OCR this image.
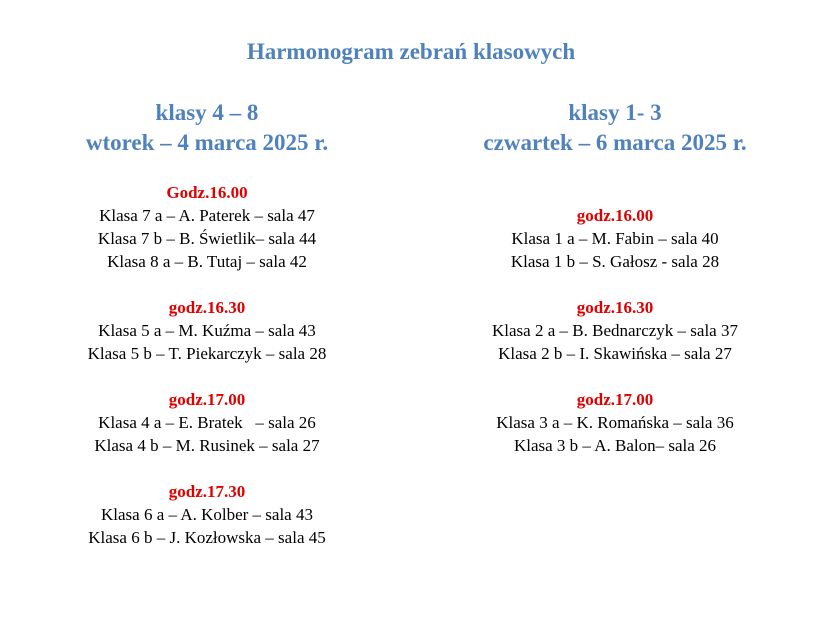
Harmonogram zebrań klasowych
klasy 4 – 8
wtorek – 4 marca 2025 r.
Godz.16.00
Klasa 7 a – A. Paterek – sala 47
Klasa 7 b – B. Świetlik– sala 44
Klasa 8 a – B. Tutaj – sala 42
godz.16.30
Klasa 5 a – M. Kuźma – sala 43
Klasa 5 b – T. Piekarczyk – sala 28
godz.17.00
Klasa 4 a – E. Bratek   – sala 26
Klasa 4 b – M. Rusinek – sala 27
godz.17.30
Klasa 6 a – A. Kolber – sala 43
Klasa 6 b – J. Kozłowska – sala 45
klasy 1- 3
czwartek – 6 marca 2025 r.
godz.16.00
Klasa 1 a – M. Fabin – sala 40
Klasa 1 b – S. Gałosz - sala 28
godz.16.30
Klasa 2 a – B. Bednarczyk – sala 37
Klasa 2 b – I. Skawińska – sala 27
godz.17.00
Klasa 3 a – K. Romańska – sala 36
Klasa 3 b – A. Balon– sala 26
